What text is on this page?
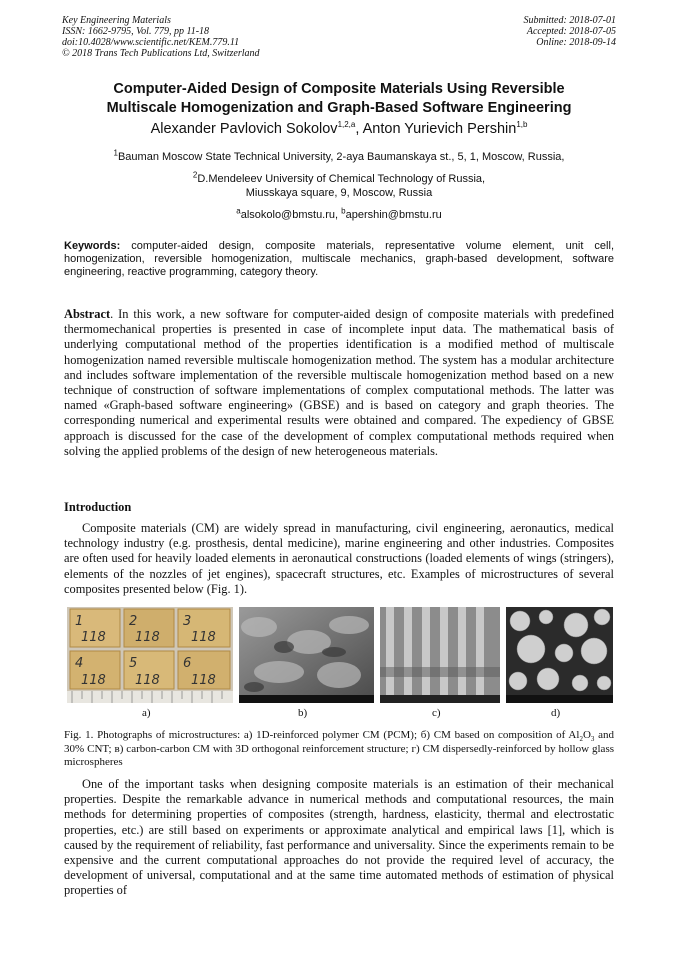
Key Engineering Materials
ISSN: 1662-9795, Vol. 779, pp 11-18
doi:10.4028/www.scientific.net/KEM.779.11
© 2018 Trans Tech Publications Ltd, Switzerland
Submitted: 2018-07-01
Accepted: 2018-07-05
Online: 2018-09-14
Computer-Aided Design of Composite Materials Using Reversible
Multiscale Homogenization and Graph-Based Software Engineering
Alexander Pavlovich Sokolov$^{1,2,a}$, Anton Yurievich Pershin$^{1,b}$
$^1$Bauman Moscow State Technical University, 2-aya Baumanskaya st., 5, 1, Moscow, Russia,
$^2$D.Mendeleev University of Chemical Technology of Russia,
Miusskaya square, 9, Moscow, Russia
$^a$alsokolo@bmstu.ru, $^b$apershin@bmstu.ru
Keywords: computer-aided design, composite materials, representative volume element, unit cell, homogenization, reversible homogenization, multiscale mechanics, graph-based development, software engineering, reactive programming, category theory.
Abstract. In this work, a new software for computer-aided design of composite materials with predefined thermomechanical properties is presented in case of incomplete input data. The mathematical basis of underlying computational method of the properties identification is a modified method of multiscale homogenization named reversible multiscale homogenization method. The system has a modular architecture and includes software implementation of the reversible multiscale homogenization method based on a new technique of construction of software implementations of complex computational methods. The latter was named «Graph-based software engineering» (GBSE) and is based on category and graph theories. The corresponding numerical and experimental results were obtained and compared. The expediency of GBSE approach is discussed for the case of the development of complex computational methods required when solving the applied problems of the design of new heterogeneous materials.
Introduction
Composite materials (CM) are widely spread in manufacturing, civil engineering, aeronautics, medical technology industry (e.g. prosthesis, dental medicine), marine engineering and other industries. Composites are often used for heavily loaded elements in aeronautical constructions (loaded elements of wings (stringers), elements of the nozzles of jet engines), spacecraft structures, etc. Examples of microstructures of several composites presented below (Fig. 1).
1	2	3
4	5	6
118 118 118
118 118 118
a)	b)	c)	d)
Fig. 1. Photographs of microstructures: а) 1D-reinforced polymer CM (PCM); б) CM based on composition of $Al_2O_3$ and 30% CNT; в) carbon-carbon CM with 3D orthogonal reinforcement structure; г) CM dispersedly-reinforced by hollow glass microspheres
One of the important tasks when designing composite materials is an estimation of their mechanical properties. Despite the remarkable advance in numerical methods and computational resources, the main methods for determining properties of composites (strength, hardness, elasticity, thermal and electrostatic properties, etc.) are still based on experiments or approximate analytical and empirical laws [1], which is caused by the requirement of reliability, fast performance and universality. Since the experiments remain to be expensive and the current computational approaches do not provide the required level of accuracy, the development of universal, computational and at the same time automated methods of estimation of physical properties of
